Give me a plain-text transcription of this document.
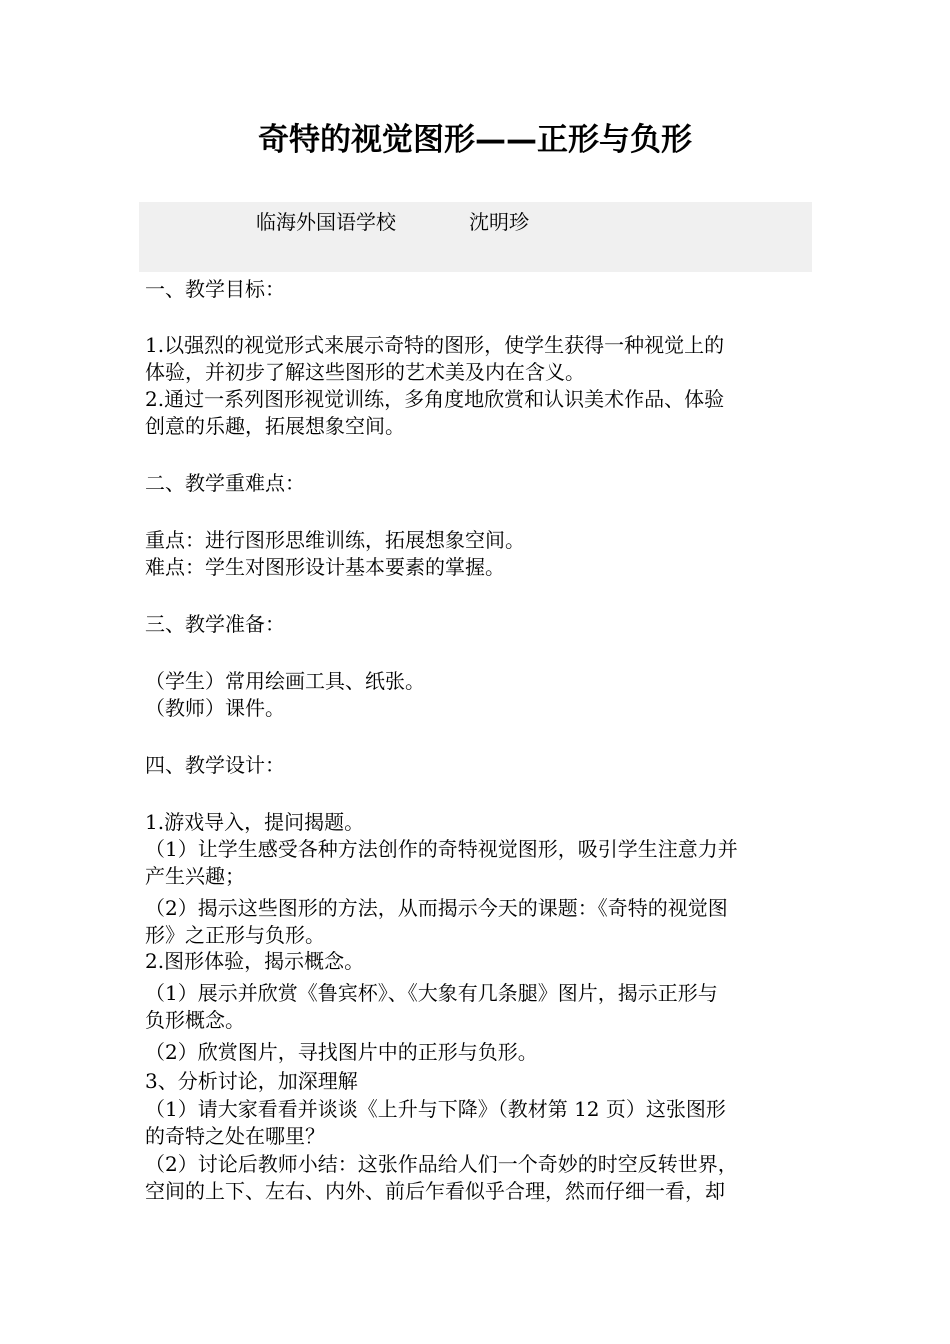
奇特的视觉图形——正形与负形
临海外国语学校	沈明珍
一、教学目标：
1.以强烈的视觉形式来展示奇特的图形，使学生获得一种视觉上的
体验，并初步了解这些图形的艺术美及内在含义。
2.通过一系列图形视觉训练，多角度地欣赏和认识美术作品、体验
创意的乐趣，拓展想象空间。
二、教学重难点：
重点：进行图形思维训练，拓展想象空间。
难点：学生对图形设计基本要素的掌握。
三、教学准备：
（学生）常用绘画工具、纸张。
（教师）课件。
四、教学设计：
1.游戏导入，提问揭题。
（1）让学生感受各种方法创作的奇特视觉图形，吸引学生注意力并
产生兴趣；
（2）揭示这些图形的方法，从而揭示今天的课题：《奇特的视觉图
形》之正形与负形。
2.图形体验，揭示概念。
（1）展示并欣赏《鲁宾杯》、《大象有几条腿》图片，揭示正形与
负形概念。
（2）欣赏图片，寻找图片中的正形与负形。
3、分析讨论，加深理解
（1）请大家看看并谈谈《上升与下降》（教材第 12 页）这张图形
的奇特之处在哪里？
（2）讨论后教师小结：这张作品给人们一个奇妙的时空反转世界，
空间的上下、左右、内外、前后乍看似乎合理，然而仔细一看，却
